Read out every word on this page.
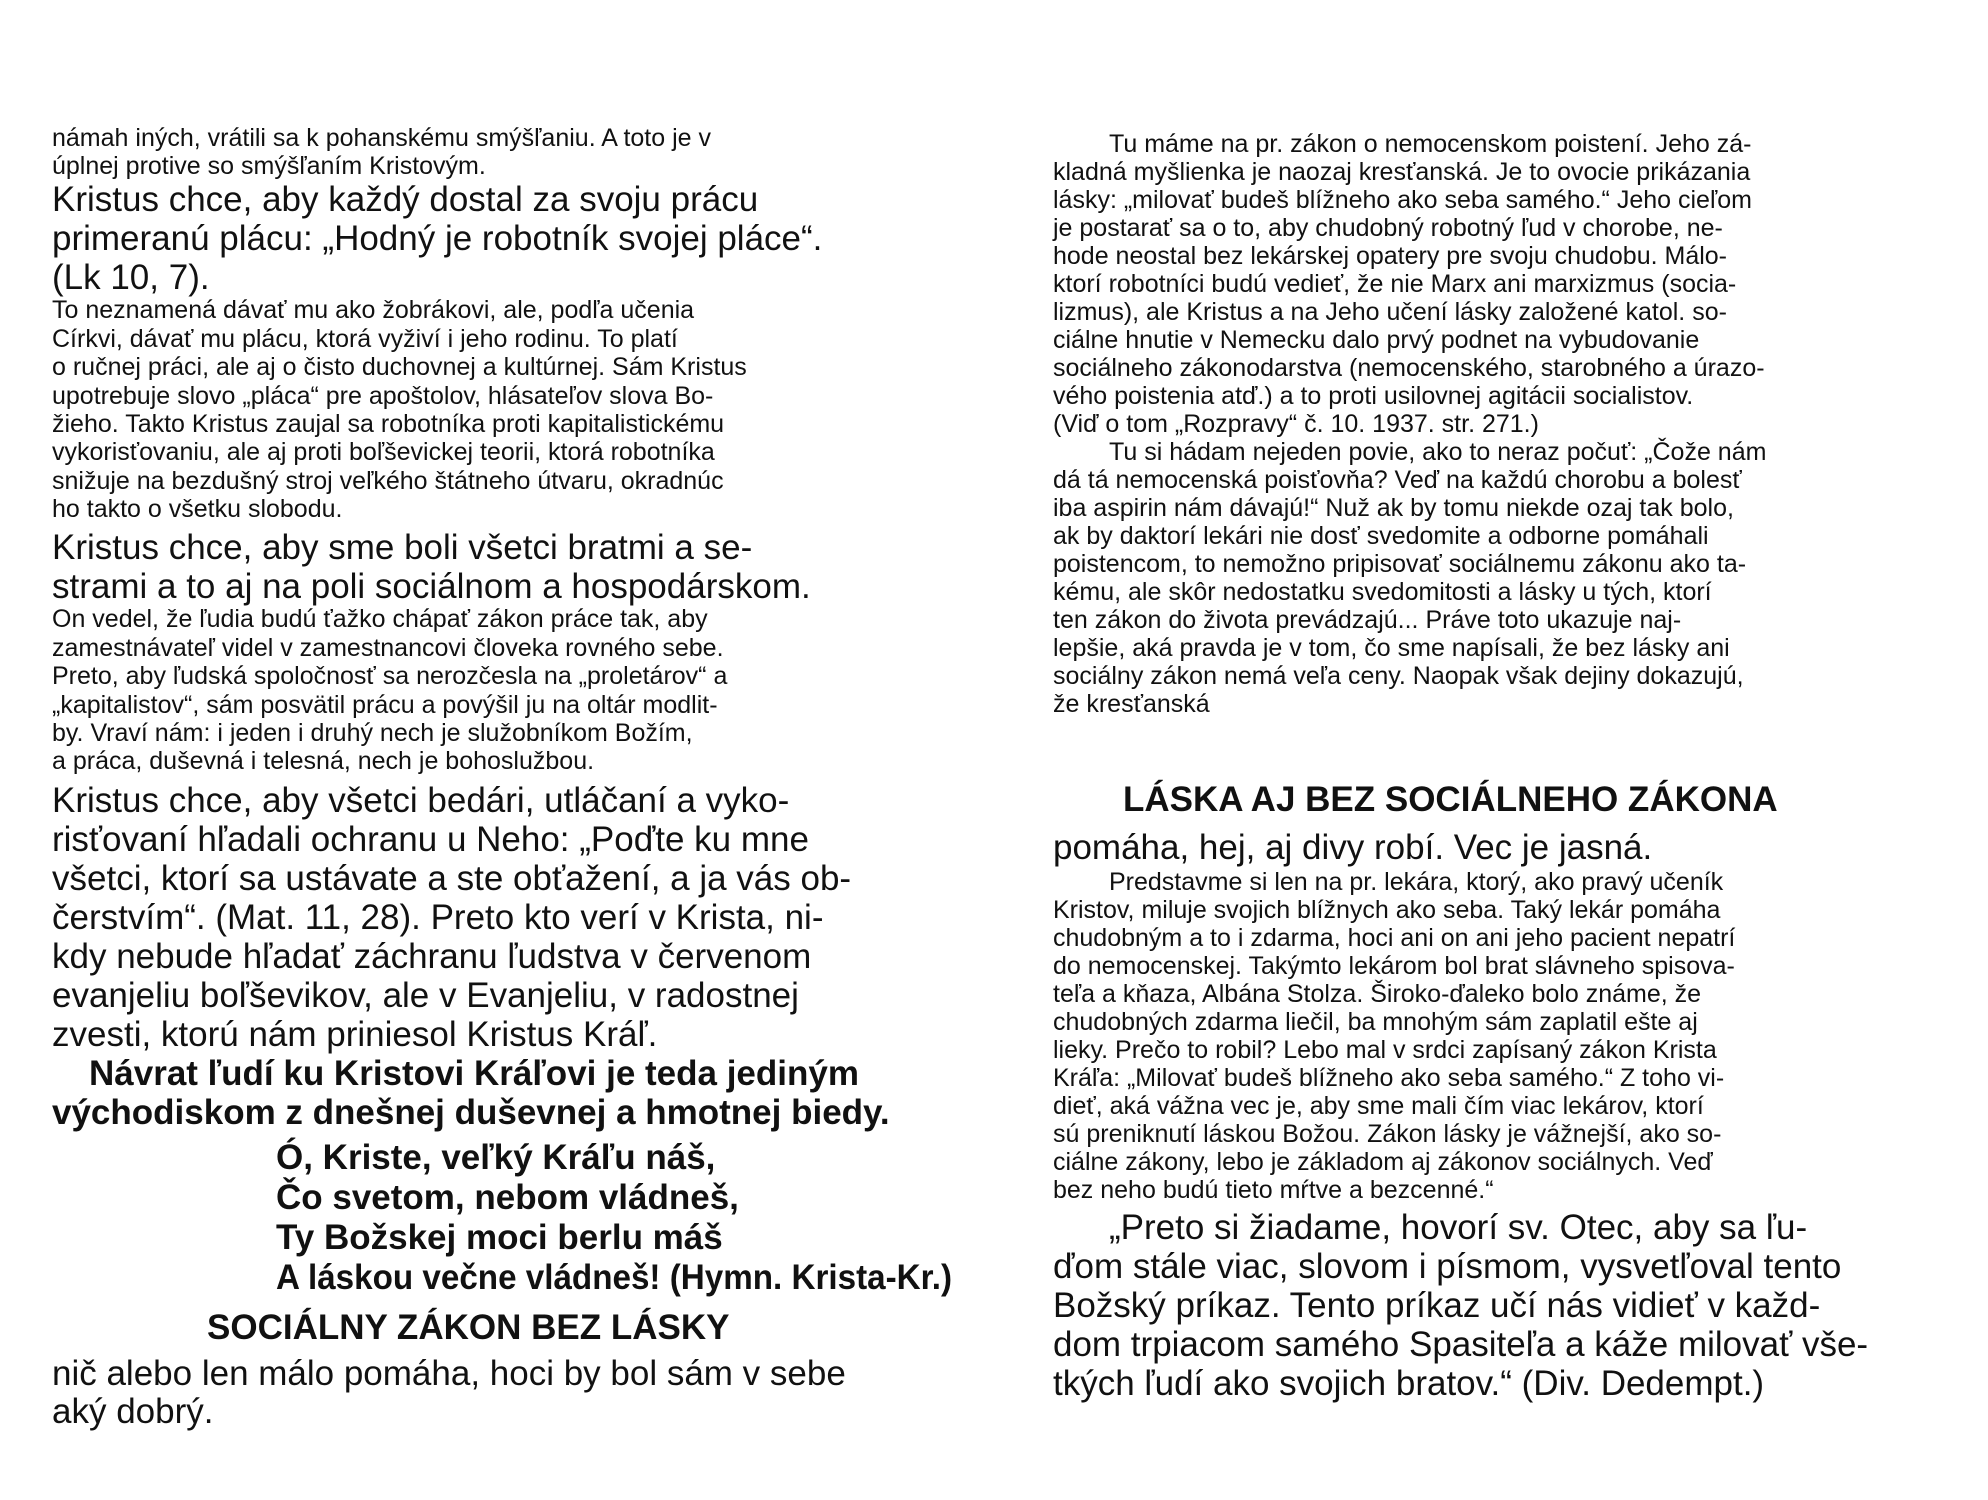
námah iných, vrátili sa k pohanskému smýšľaniu. A toto je v
úplnej protive so smýšľaním Kristovým.
Kristus chce, aby každý dostal za svoju prácu
primeranú plácu: „Hodný je robotník svojej pláce“.
(Lk 10, 7).
To neznamená dávať mu ako žobrákovi, ale, podľa učenia
Církvi, dávať mu plácu, ktorá vyživí i jeho rodinu. To platí
o ručnej práci, ale aj o čisto duchovnej a kultúrnej. Sám Kristus
upotrebuje slovo „pláca“ pre apoštolov, hlásateľov slova Bo-
žieho. Takto Kristus zaujal sa robotníka proti kapitalistickému
vykorisťovaniu, ale aj proti boľševickej teorii, ktorá robotníka
snižuje na bezdušný stroj veľkého štátneho útvaru, okradnúc
ho takto o všetku slobodu.
Kristus chce, aby sme boli všetci bratmi a se-
strami a to aj na poli sociálnom a hospodárskom.
On vedel, že ľudia budú ťažko chápať zákon práce tak, aby
zamestnávateľ videl v zamestnancovi človeka rovného sebe.
Preto, aby ľudská spoločnosť sa nerozčesla na „proletárov“ a
„kapitalistov“, sám posvätil prácu a povýšil ju na oltár modlit-
by. Vraví nám: i jeden i druhý nech je služobníkom Božím,
a práca, duševná i telesná, nech je bohoslužbou.
Kristus chce, aby všetci bedári, utláčaní a vyko-
risťovaní hľadali ochranu u Neho: „Poďte ku mne
všetci, ktorí sa ustávate a ste obťažení, a ja vás ob-
čerstvím“. (Mat. 11, 28). Preto kto verí v Krista, ni-
kdy nebude hľadať záchranu ľudstva v červenom
evanjeliu boľševikov, ale v Evanjeliu, v radostnej
zvesti, ktorú nám priniesol Kristus Kráľ.
Návrat ľudí ku Kristovi Kráľovi je teda jediným
východiskom z dnešnej duševnej a hmotnej biedy.
Ó, Kriste, veľký Kráľu náš,
Čo svetom, nebom vládneš,
Ty Božskej moci berlu máš
A láskou večne vládneš! (Hymn. Krista-Kr.)
SOCIÁLNY ZÁKON BEZ LÁSKY
nič alebo len málo pomáha, hoci by bol sám v sebe
aký dobrý.
Tu máme na pr. zákon o nemocenskom poistení. Jeho zá-
kladná myšlienka je naozaj kresťanská. Je to ovocie prikázania
lásky: „milovať budeš blížneho ako seba samého.“ Jeho cieľom
je postarať sa o to, aby chudobný robotný ľud v chorobe, ne-
hode neostal bez lekárskej opatery pre svoju chudobu. Málo-
ktorí robotníci budú vedieť, že nie Marx ani marxizmus (socia-
lizmus), ale Kristus a na Jeho učení lásky založené katol. so-
ciálne hnutie v Nemecku dalo prvý podnet na vybudovanie
sociálneho zákonodarstva (nemocenského, starobného a úrazo-
vého poistenia atď.) a to proti usilovnej agitácii socialistov.
(Viď o tom „Rozpravy“ č. 10. 1937. str. 271.)
Tu si hádam nejeden povie, ako to neraz počuť: „Čože nám
dá tá nemocenská poisťovňa? Veď na každú chorobu a bolesť
iba aspirin nám dávajú!“ Nuž ak by tomu niekde ozaj tak bolo,
ak by daktorí lekári nie dosť svedomite a odborne pomáhali
poistencom, to nemožno pripisovať sociálnemu zákonu ako ta-
kému, ale skôr nedostatku svedomitosti a lásky u tých, ktorí
ten zákon do života prevádzajú... Práve toto ukazuje naj-
lepšie, aká pravda je v tom, čo sme napísali, že bez lásky ani
sociálny zákon nemá veľa ceny. Naopak však dejiny dokazujú,
že kresťanská
LÁSKA AJ BEZ SOCIÁLNEHO ZÁKONA
pomáha, hej, aj divy robí. Vec je jasná.
Predstavme si len na pr. lekára, ktorý, ako pravý učeník
Kristov, miluje svojich blížnych ako seba. Taký lekár pomáha
chudobným a to i zdarma, hoci ani on ani jeho pacient nepatrí
do nemocenskej. Takýmto lekárom bol brat slávneho spisova-
teľa a kňaza, Albána Stolza. Široko-ďaleko bolo známe, že
chudobných zdarma liečil, ba mnohým sám zaplatil ešte aj
lieky. Prečo to robil? Lebo mal v srdci zapísaný zákon Krista
Kráľa: „Milovať budeš blížneho ako seba samého.“ Z toho vi-
dieť, aká vážna vec je, aby sme mali čím viac lekárov, ktorí
sú preniknutí láskou Božou. Zákon lásky je vážnejší, ako so-
ciálne zákony, lebo je základom aj zákonov sociálnych. Veď
bez neho budú tieto mŕtve a bezcenné.“
„Preto si žiadame, hovorí sv. Otec, aby sa ľu-
ďom stále viac, slovom i písmom, vysvetľoval tento
Božský príkaz. Tento príkaz učí nás vidieť v každ-
dom trpiacom samého Spasiteľa a káže milovať vše-
tkých ľudí ako svojich bratov.“ (Div. Dedempt.)
